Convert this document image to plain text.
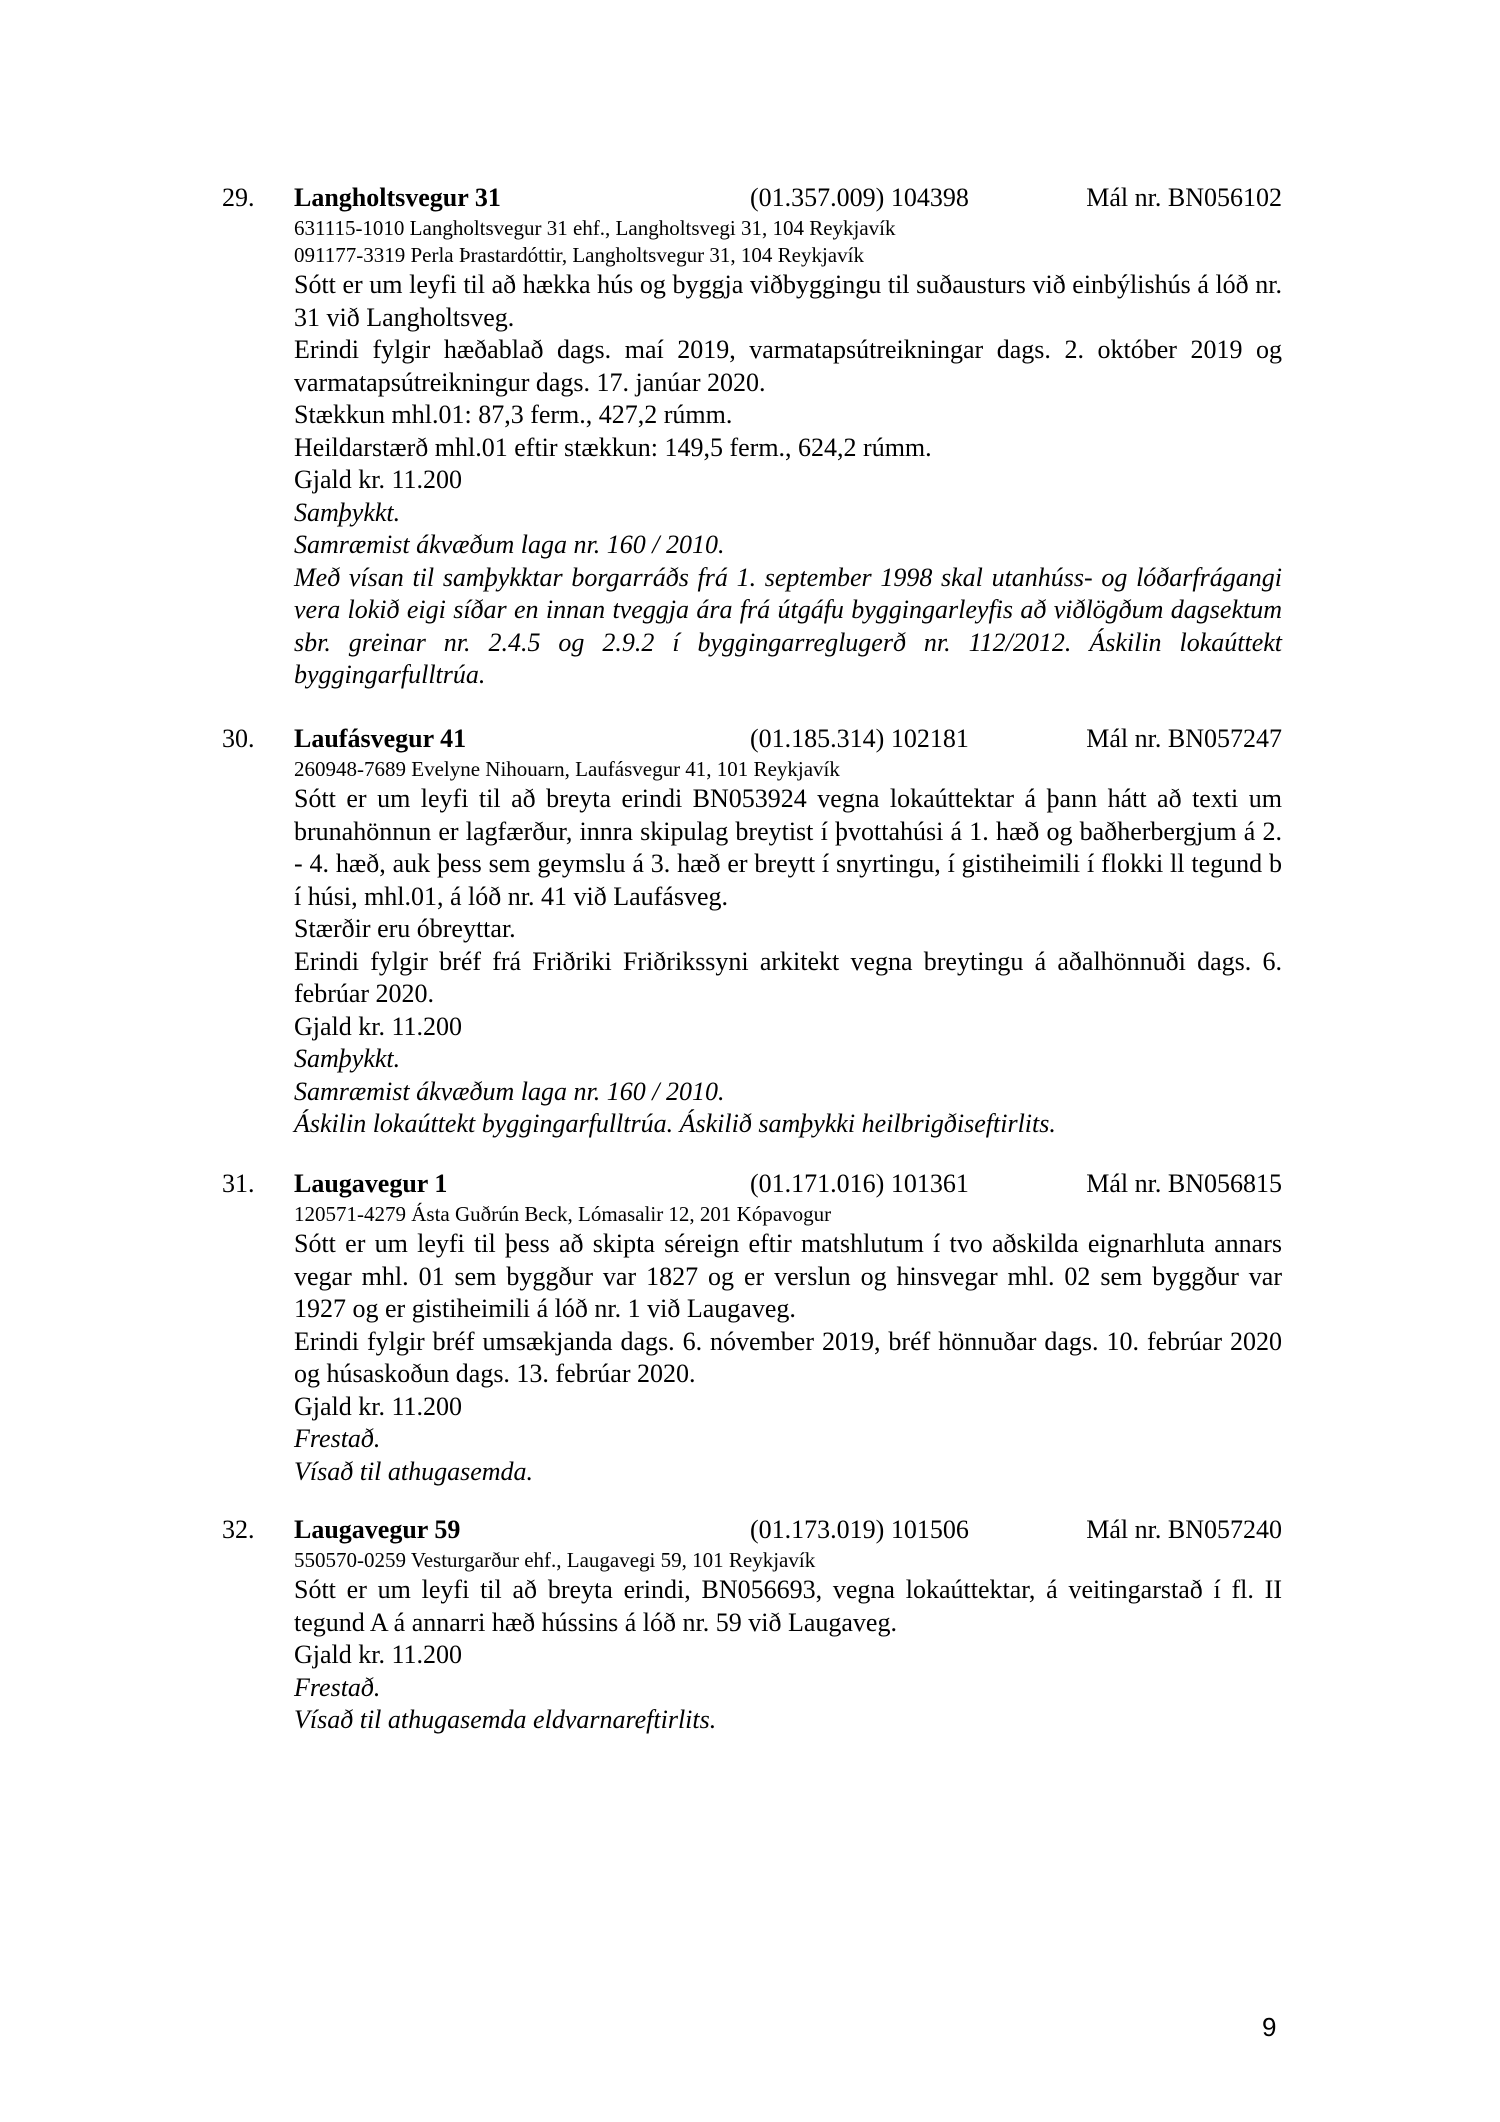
29. Langholtsvegur 31	(01.357.009) 104398	Mál nr. BN056102
631115-1010 Langholtsvegur 31 ehf., Langholtsvegi 31, 104 Reykjavík
091177-3319 Perla Þrastardóttir, Langholtsvegur 31, 104 Reykjavík
Sótt er um leyfi til að hækka hús og byggja viðbyggingu til suðausturs við einbýlishús á lóð nr. 31 við Langholtsveg.
Erindi fylgir hæðablað dags. maí 2019, varmatapsútreikningar dags. 2. október 2019 og varmatapsútreikningur dags. 17. janúar 2020.
Stækkun mhl.01: 87,3 ferm., 427,2 rúmm.
Heildarstærð mhl.01 eftir stækkun: 149,5 ferm., 624,2 rúmm.
Gjald kr. 11.200
Samþykkt.
Samræmist ákvæðum laga nr. 160 / 2010.
Með vísan til samþykktar borgarráðs frá 1. september 1998 skal utanhúss- og lóðarfrágangi vera lokið eigi síðar en innan tveggja ára frá útgáfu byggingarleyfis að viðlögðum dagsektum sbr. greinar nr. 2.4.5 og 2.9.2 í byggingarreglugerð nr. 112/2012. Áskilin lokaúttekt byggingarfulltrúa.
30. Laufásvegur 41	(01.185.314) 102181	Mál nr. BN057247
260948-7689 Evelyne Nihouarn, Laufásvegur 41, 101 Reykjavík
Sótt er um leyfi til að breyta erindi BN053924 vegna lokaúttektar á þann hátt að texti um brunahönnun er lagfærður, innra skipulag breytist í þvottahúsi á 1. hæð og baðherbergjum á 2. - 4. hæð, auk þess sem geymslu á 3. hæð er breytt í snyrtingu, í gistiheimili í flokki ll tegund b í húsi, mhl.01, á lóð nr. 41 við Laufásveg.
Stærðir eru óbreyttar.
Erindi fylgir bréf frá Friðriki Friðrikssyni arkitekt vegna breytingu á aðalhönnuði dags. 6. febrúar 2020.
Gjald kr. 11.200
Samþykkt.
Samræmist ákvæðum laga nr. 160 / 2010.
Áskilin lokaúttekt byggingarfulltrúa. Áskilið samþykki heilbrigðiseftirlits.
31. Laugavegur 1	(01.171.016) 101361	Mál nr. BN056815
120571-4279 Ásta Guðrún Beck, Lómasalir 12, 201 Kópavogur
Sótt er um leyfi til þess að skipta séreign eftir matshlutum í tvo aðskilda eignarhluta annars vegar mhl. 01 sem byggður var 1827 og er verslun og hinsvegar mhl. 02 sem byggður var 1927 og er gistiheimili á lóð nr. 1 við Laugaveg.
Erindi fylgir bréf umsækjanda dags. 6. nóvember 2019, bréf hönnuðar dags. 10. febrúar 2020 og húsaskoðun dags. 13. febrúar 2020.
Gjald kr. 11.200
Frestað.
Vísað til athugasemda.
32. Laugavegur 59	(01.173.019) 101506	Mál nr. BN057240
550570-0259 Vesturgarður ehf., Laugavegi 59, 101 Reykjavík
Sótt er um leyfi til að breyta erindi, BN056693, vegna lokaúttektar, á veitingarstað í fl. II tegund A á annarri hæð hússins á lóð nr. 59 við Laugaveg.
Gjald kr. 11.200
Frestað.
Vísað til athugasemda eldvarnareftirlits.
9
